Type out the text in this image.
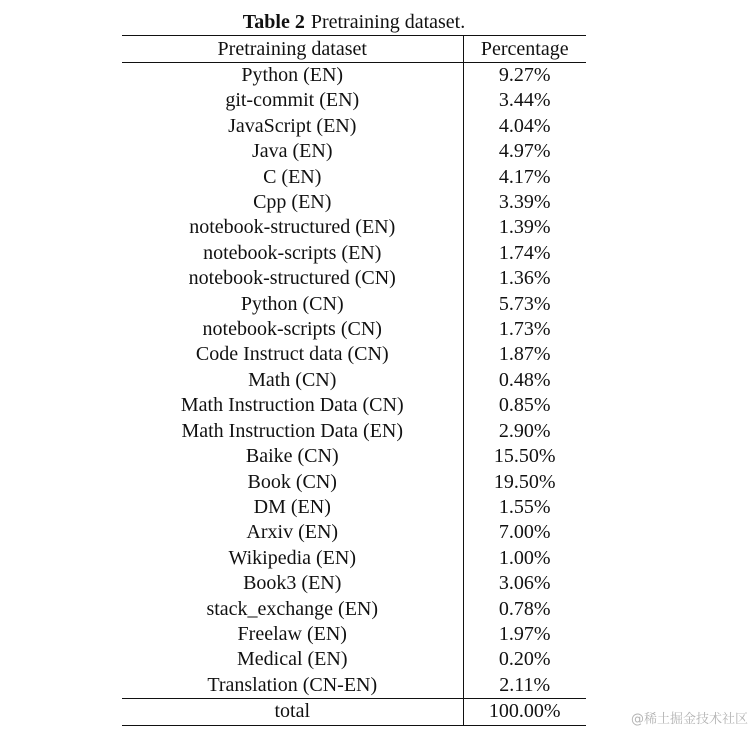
Table 2 Pretraining dataset.
Pretraining dataset	Percentage
Python (EN)	9.27%
git-commit (EN)	3.44%
JavaScript (EN)	4.04%
Java (EN)	4.97%
C (EN)	4.17%
Cpp (EN)	3.39%
notebook-structured (EN)	1.39%
notebook-scripts (EN)	1.74%
notebook-structured (CN)	1.36%
Python (CN)	5.73%
notebook-scripts (CN)	1.73%
Code Instruct data (CN)	1.87%
Math (CN)	0.48%
Math Instruction Data (CN)	0.85%
Math Instruction Data (EN)	2.90%
Baike (CN)	15.50%
Book (CN)	19.50%
DM (EN)	1.55%
Arxiv (EN)	7.00%
Wikipedia (EN)	1.00%
Book3 (EN)	3.06%
stack_exchange (EN)	0.78%
Freelaw (EN)	1.97%
Medical (EN)	0.20%
Translation (CN-EN)	2.11%
total	100.00%	@稀土掘金技术社区
